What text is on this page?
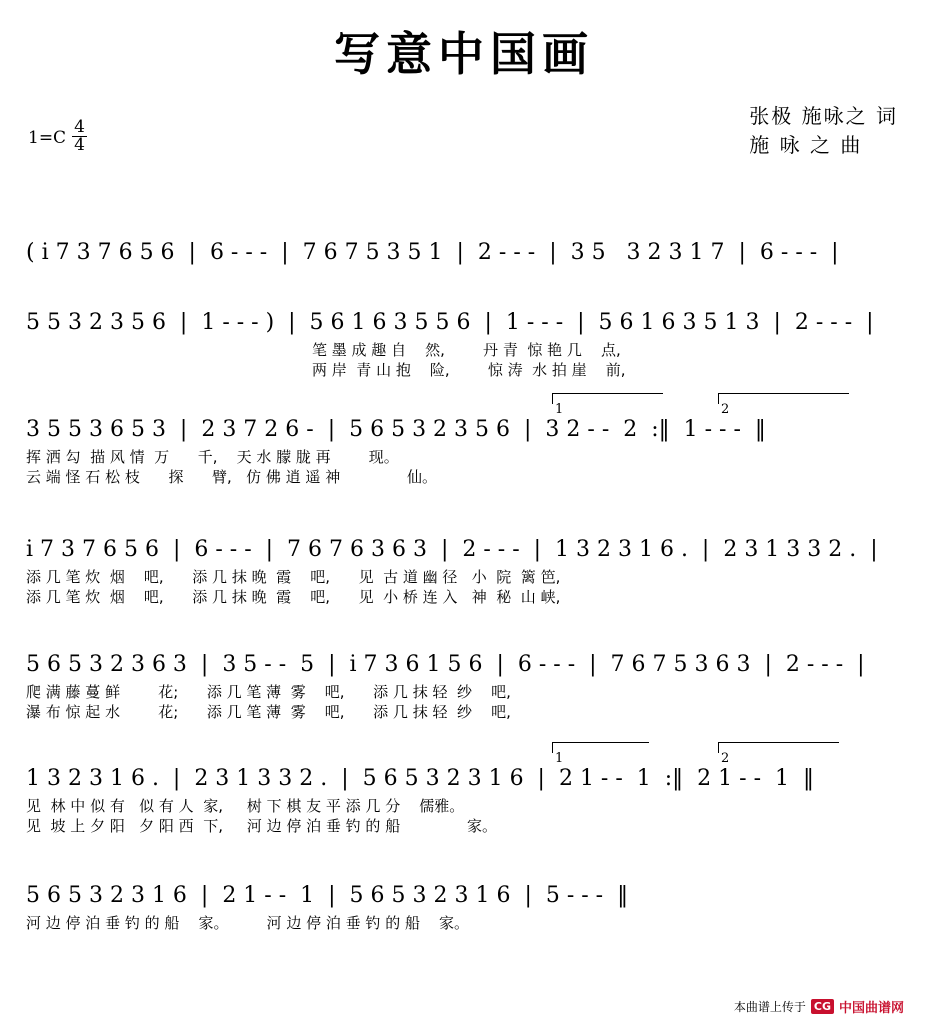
写意中国画
张极 施咏之 词
施 咏 之 曲
$1=C \frac{4}{4}$
( i 7 3 7 6 5 6  |  6 - - -  |  7 6 7 5 3 5 1  |  2 - - -  |  3 5   3 2 3 1 7  |  6 - - -  |
5 5 3 2 3 5 6  |  1 - - - )  |  5 6 1 6 3 5 5 6  |  1 - - -  |  5 6 1 6 3 5 1 3  |  2 - - -  |
笔 墨 成 趣 自    然,        丹 青  惊 艳 几    点,
两 岸  青 山 抱    险,        惊 涛  水 拍 崖    前,
1	2
3 5 5 3 6 5 3  |  2 3 7 2 6 -  |  5 6 5 3 2 3 5 6  |  3 2 - -  2  :‖  1 - - -  ‖
挥 洒 勾  描 风 情  万      千,    天 水 朦 胧 再        现。
云 端 怪 石 松 枝      探      臂,   仿 佛 逍 遥 神              仙。
i 7 3 7 6 5 6  |  6 - - -  |  7 6 7 6 3 6 3  |  2 - - -  |  1 3 2 3 1 6 .  |  2 3 1 3 3 2 .  |
添 几 笔 炊  烟    吧,      添 几 抹 晚  霞    吧,      见  古 道 幽 径   小  院  篱 笆,
添 几 笔 炊  烟    吧,      添 几 抹 晚  霞    吧,      见  小 桥 连 入   神  秘  山 峡,
5 6 5 3 2 3 6 3  |  3 5 - -  5  |  i 7 3 6 1 5 6  |  6 - - -  |  7 6 7 5 3 6 3  |  2 - - -  |
爬 满 藤 蔓 鲜        花;      添 几 笔 薄  雾    吧,      添 几 抹 轻  纱    吧,
瀑 布 惊 起 水        花;      添 几 笔 薄  雾    吧,      添 几 抹 轻  纱    吧,
1	2
1 3 2 3 1 6 .  |  2 3 1 3 3 2 .  |  5 6 5 3 2 3 1 6  |  2 1 - -  1  :‖  2 1 - -  1  ‖
见  林 中 似 有   似 有 人  家,     树 下 棋 友 平 添 几 分    儒雅。
见  坡 上 夕 阳   夕 阳 西  下,     河 边 停 泊 垂 钓 的 船              家。
5 6 5 3 2 3 1 6  |  2 1 - -  1  |  5 6 5 3 2 3 1 6  |  5 - - -  ‖
河 边 停 泊 垂 钓 的 船    家。        河 边 停 泊 垂 钓 的 船    家。
本曲谱上传于 CG 中国曲谱网
